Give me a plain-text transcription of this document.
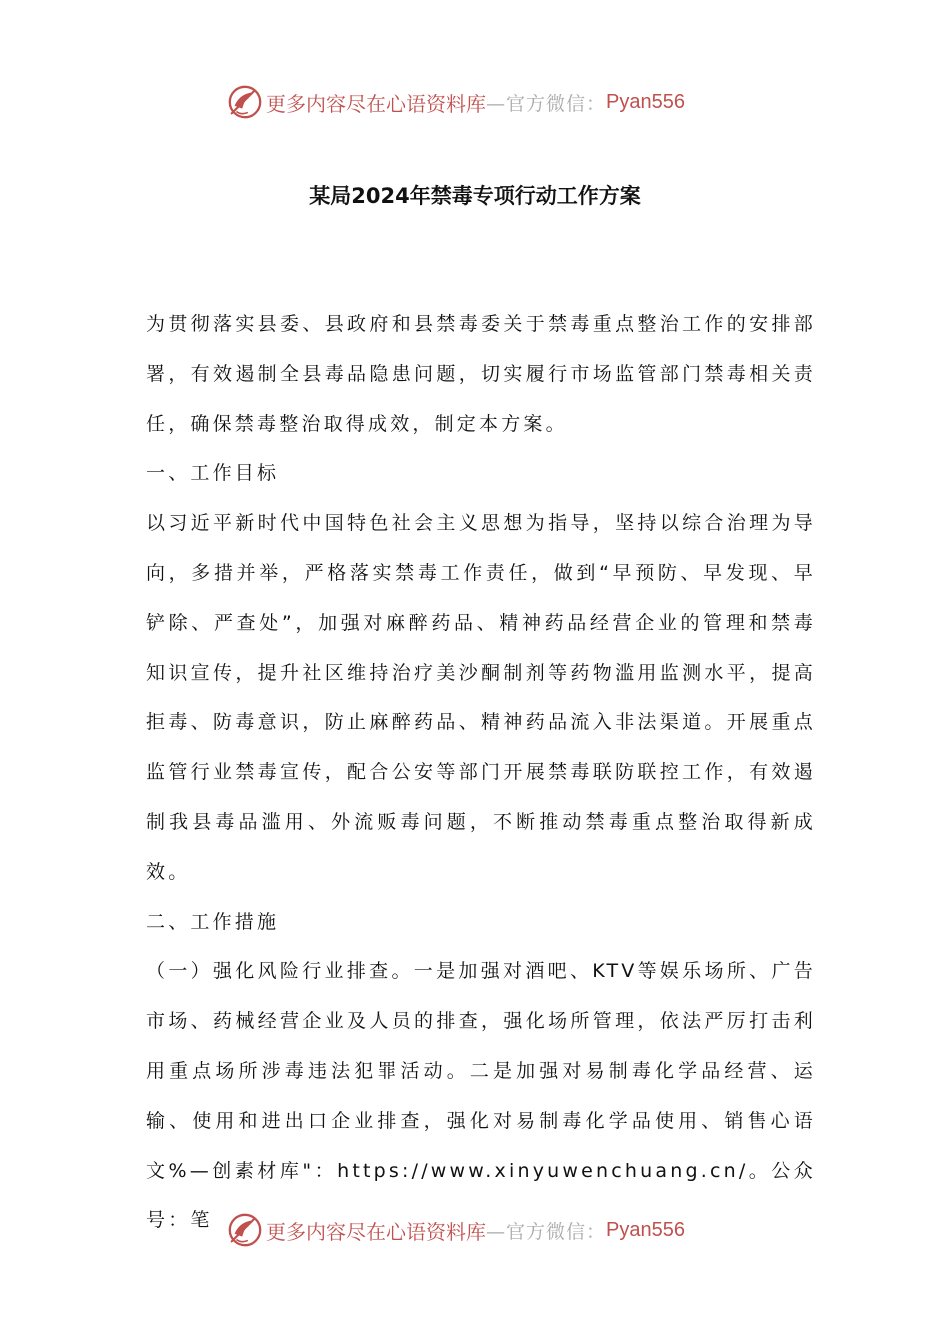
更多内容尽在心语资料库 —官方微信： Pyan556
某局2024年禁毒专项行动工作方案

为贯彻落实县委、县政府和县禁毒委关于禁毒重点整治工作的安排部署，有效遏制全县毒品隐患问题，切实履行市场监管部门禁毒相关责任，确保禁毒整治取得成效，制定本方案。

一、工作目标

以习近平新时代中国特色社会主义思想为指导，坚持以综合治理为导向，多措并举，严格落实禁毒工作责任，做到“早预防、早发现、早铲除、严查处”，加强对麻醉药品、精神药品经营企业的管理和禁毒知识宣传，提升社区维持治疗美沙酮制剂等药物滥用监测水平，提高拒毒、防毒意识，防止麻醉药品、精神药品流入非法渠道。开展重点监管行业禁毒宣传，配合公安等部门开展禁毒联防联控工作，有效遏制我县毒品滥用、外流贩毒问题，不断推动禁毒重点整治取得新成效。

二、工作措施

（一）强化风险行业排查。一是加强对酒吧、KTV等娱乐场所、广告市场、药械经营企业及人员的排查，强化场所管理，依法严厉打击利用重点场所涉毒违法犯罪活动。二是加强对易制毒化学品经营、运输、使用和进出口企业排查，强化对易制毒化学品使用、销售心语文%—创素材库"：https://www.xinyuwenchuang.cn/。公众号：笔	更多内容尽在心语资料库 —官方微信： Pyan556
